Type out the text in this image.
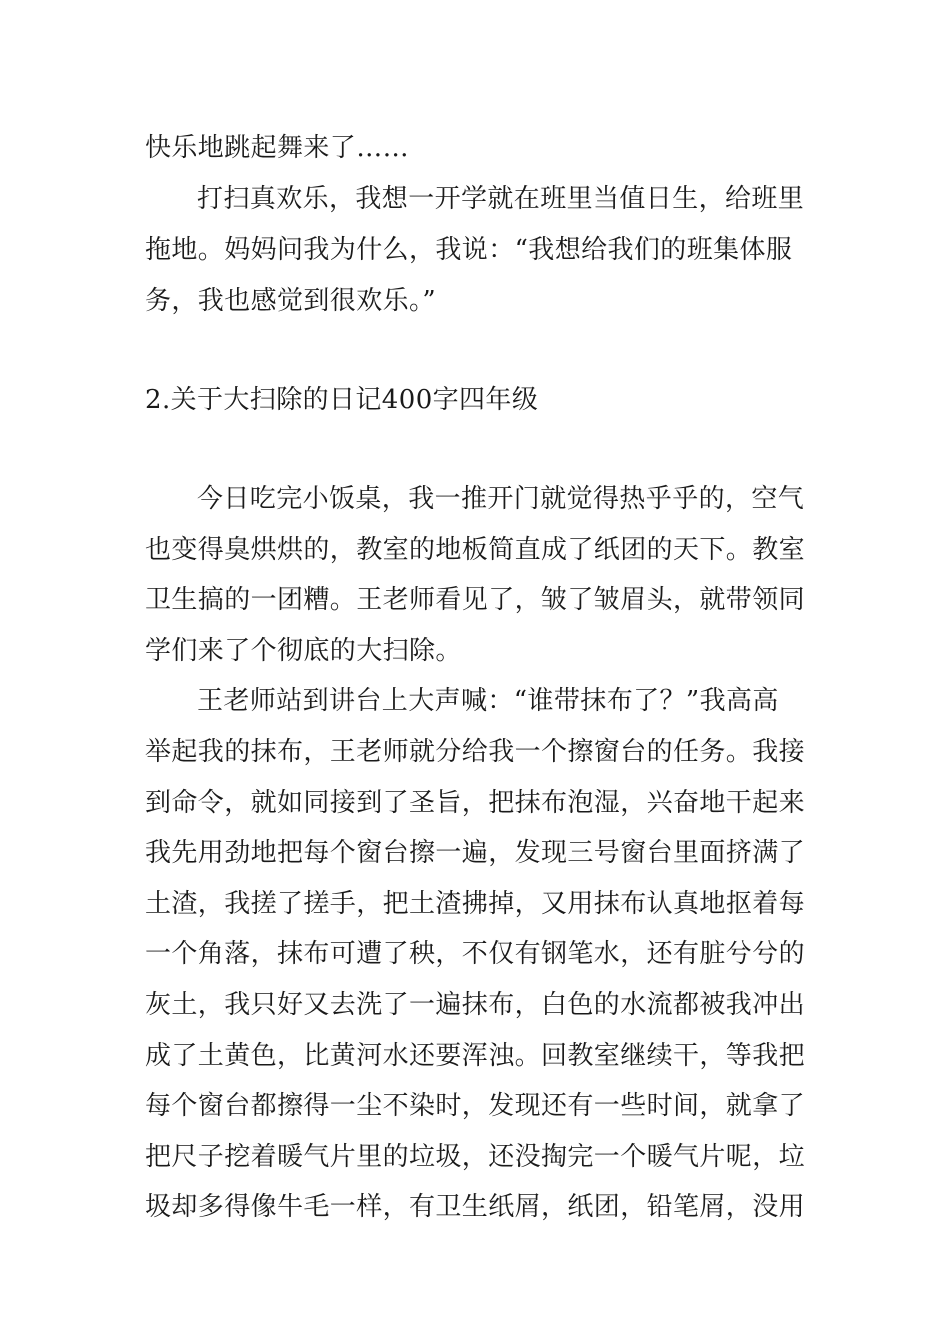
快乐地跳起舞来了……
打扫真欢乐，我想一开学就在班里当值日生，给班里
拖地。妈妈问我为什么，我说：“我想给我们的班集体服
务，我也感觉到很欢乐。”
2.关于大扫除的日记400字四年级
今日吃完小饭桌，我一推开门就觉得热乎乎的，空气
也变得臭烘烘的，教室的地板简直成了纸团的天下。教室
卫生搞的一团糟。王老师看见了，皱了皱眉头，就带领同
学们来了个彻底的大扫除。
王老师站到讲台上大声喊：“谁带抹布了？”我高高
举起我的抹布，王老师就分给我一个擦窗台的任务。我接
到命令，就如同接到了圣旨，把抹布泡湿，兴奋地干起来
我先用劲地把每个窗台擦一遍，发现三号窗台里面挤满了
土渣，我搓了搓手，把土渣拂掉，又用抹布认真地抠着每
一个角落，抹布可遭了秧，不仅有钢笔水，还有脏兮兮的
灰土，我只好又去洗了一遍抹布，白色的水流都被我冲出
成了土黄色，比黄河水还要浑浊。回教室继续干，等我把
每个窗台都擦得一尘不染时，发现还有一些时间，就拿了
把尺子挖着暖气片里的垃圾，还没掏完一个暖气片呢，垃
圾却多得像牛毛一样，有卫生纸屑，纸团，铅笔屑，没用
